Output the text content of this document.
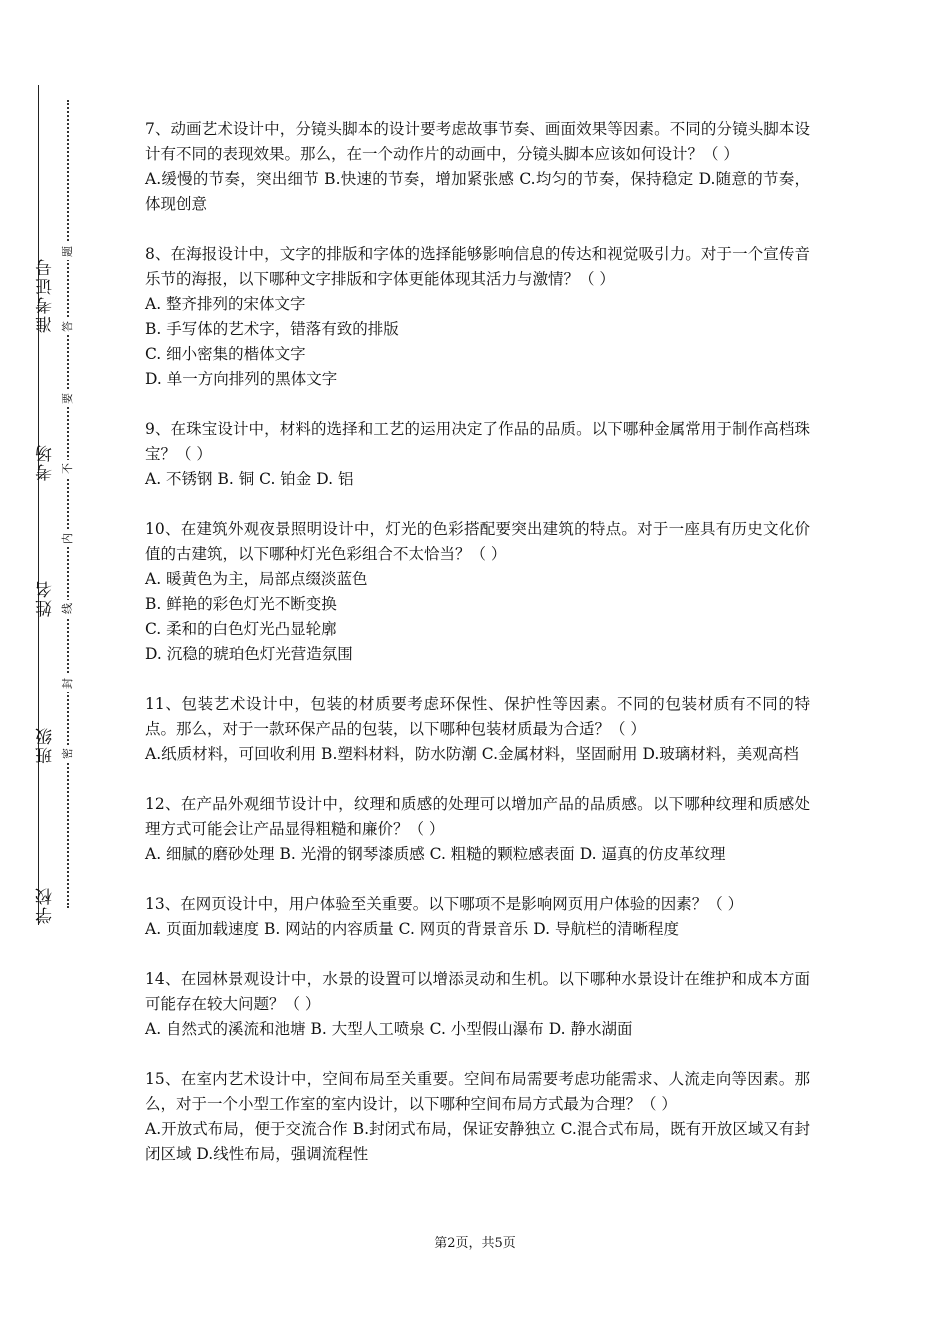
准考证号
考场
姓名
班级
学校
题
答
要
不
内
线
封
密

7、动画艺术设计中，分镜头脚本的设计要考虑故事节奏、画面效果等因素。不同的分镜头脚本设计有不同的表现效果。那么，在一个动作片的动画中，分镜头脚本应该如何设计？（ ）

A.缓慢的节奏，突出细节 B.快速的节奏，增加紧张感 C.均匀的节奏，保持稳定 D.随意的节奏，体现创意

8、在海报设计中，文字的排版和字体的选择能够影响信息的传达和视觉吸引力。对于一个宣传音乐节的海报，以下哪种文字排版和字体更能体现其活力与激情？（ ）

A. 整齐排列的宋体文字

B. 手写体的艺术字，错落有致的排版

C. 细小密集的楷体文字

D. 单一方向排列的黑体文字

9、在珠宝设计中，材料的选择和工艺的运用决定了作品的品质。以下哪种金属常用于制作高档珠宝？（ ）

A. 不锈钢 B. 铜 C. 铂金 D. 铝

10、在建筑外观夜景照明设计中，灯光的色彩搭配要突出建筑的特点。对于一座具有历史文化价值的古建筑，以下哪种灯光色彩组合不太恰当？（ ）

A. 暖黄色为主，局部点缀淡蓝色

B. 鲜艳的彩色灯光不断变换

C. 柔和的白色灯光凸显轮廓

D. 沉稳的琥珀色灯光营造氛围

11、包装艺术设计中，包装的材质要考虑环保性、保护性等因素。不同的包装材质有不同的特点。那么，对于一款环保产品的包装，以下哪种包装材质最为合适？（ ）

A.纸质材料，可回收利用 B.塑料材料，防水防潮 C.金属材料，坚固耐用 D.玻璃材料，美观高档

12、在产品外观细节设计中，纹理和质感的处理可以增加产品的品质感。以下哪种纹理和质感处理方式可能会让产品显得粗糙和廉价？（ ）

A. 细腻的磨砂处理 B. 光滑的钢琴漆质感 C. 粗糙的颗粒感表面 D. 逼真的仿皮革纹理

13、在网页设计中，用户体验至关重要。以下哪项不是影响网页用户体验的因素？（ ）

A. 页面加载速度 B. 网站的内容质量 C. 网页的背景音乐 D. 导航栏的清晰程度

14、在园林景观设计中，水景的设置可以增添灵动和生机。以下哪种水景设计在维护和成本方面可能存在较大问题？（ ）

A. 自然式的溪流和池塘 B. 大型人工喷泉 C. 小型假山瀑布 D. 静水湖面

15、在室内艺术设计中，空间布局至关重要。空间布局需要考虑功能需求、人流走向等因素。那么，对于一个小型工作室的室内设计，以下哪种空间布局方式最为合理？（ ）

A.开放式布局，便于交流合作 B.封闭式布局，保证安静独立 C.混合式布局，既有开放区域又有封闭区域 D.线性布局，强调流程性

第2页，共5页
